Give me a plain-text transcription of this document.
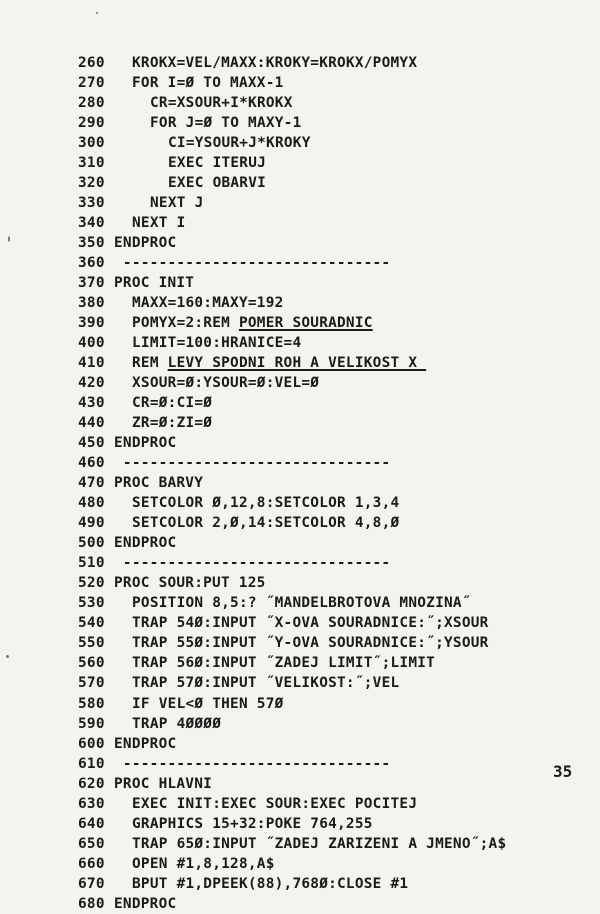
260 KROKX=VEL/MAXX:KROKY=KROKX/POMYX
270 FOR I=Ø TO MAXX-1
280	CR=XSOUR+I*KROKX
290	FOR J=Ø TO MAXY-1
300	CI=YSOUR+J*KROKY
310	EXEC ITERUJ
320	EXEC OBARVI
330	NEXT J
340 NEXT I
350 ENDPROC
360 ------------------------------
370 PROC INIT
380 MAXX=160:MAXY=192
390 POMYX=2:REM POMER SOURADNIC
400 LIMIT=100:HRANICE=4
410 REM LEVY SPODNI ROH A VELIKOST X
420 XSOUR=Ø:YSOUR=Ø:VEL=Ø
430 CR=Ø:CI=Ø
440 ZR=Ø:ZI=Ø
450 ENDPROC
460 ------------------------------
470 PROC BARVY
480 SETCOLOR Ø,12,8:SETCOLOR 1,3,4
490 SETCOLOR 2,Ø,14:SETCOLOR 4,8,Ø
500 ENDPROC
510 ------------------------------
520 PROC SOUR:PUT 125
530 POSITION 8,5:? ˝MANDELBROTOVA MNOZINA˝
540 TRAP 54Ø:INPUT ˝X-OVA SOURADNICE:˝;XSOUR
550 TRAP 55Ø:INPUT ˝Y-OVA SOURADNICE:˝;YSOUR
560 TRAP 56Ø:INPUT ˝ZADEJ LIMIT˝;LIMIT
570 TRAP 57Ø:INPUT ˝VELIKOST:˝;VEL
580 IF VEL<Ø THEN 57Ø
590 TRAP 4ØØØØ
600 ENDPROC
610 ------------------------------
620 PROC HLAVNI
630 EXEC INIT:EXEC SOUR:EXEC POCITEJ
640 GRAPHICS 15+32:POKE 764,255
650 TRAP 65Ø:INPUT ˝ZADEJ ZARIZENI A JMENO˝;A$
660 OPEN #1,8,128,A$
670 BPUT #1,DPEEK(88),768Ø:CLOSE #1
680 ENDPROC
35
